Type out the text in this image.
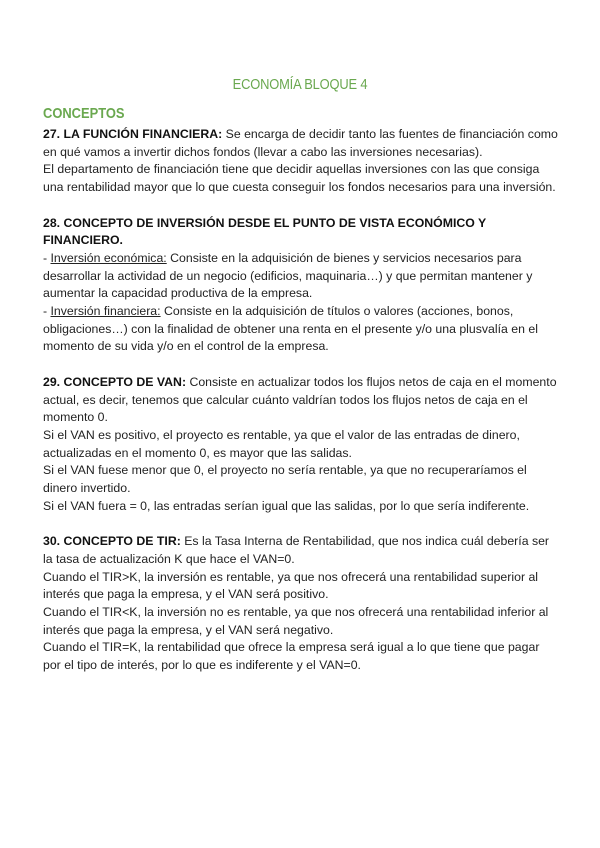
ECONOMÍA BLOQUE 4
CONCEPTOS

27. LA FUNCIÓN FINANCIERA: Se encarga de decidir tanto las fuentes de financiación como en qué vamos a invertir dichos fondos (llevar a cabo las inversiones necesarias).

El departamento de financiación tiene que decidir aquellas inversiones con las que consiga una rentabilidad mayor que lo que cuesta conseguir los fondos necesarios para una inversión.

28. CONCEPTO DE INVERSIÓN DESDE EL PUNTO DE VISTA ECONÓMICO Y FINANCIERO.

- Inversión económica: Consiste en la adquisición de bienes y servicios necesarios para desarrollar la actividad de un negocio (edificios, maquinaria…) y que permitan mantener y aumentar la capacidad productiva de la empresa.

- Inversión financiera: Consiste en la adquisición de títulos o valores (acciones, bonos, obligaciones…) con la finalidad de obtener una renta en el presente y/o una plusvalía en el momento de su vida y/o en el control de la empresa.

29. CONCEPTO DE VAN: Consiste en actualizar todos los flujos netos de caja en el momento actual, es decir, tenemos que calcular cuánto valdrían todos los flujos netos de caja en el momento 0.

Si el VAN es positivo, el proyecto es rentable, ya que el valor de las entradas de dinero, actualizadas en el momento 0, es mayor que las salidas.

Si el VAN fuese menor que 0, el proyecto no sería rentable, ya que no recuperaríamos el dinero invertido.

Si el VAN fuera = 0, las entradas serían igual que las salidas, por lo que sería indiferente.

30. CONCEPTO DE TIR: Es la Tasa Interna de Rentabilidad, que nos indica cuál debería ser la tasa de actualización K que hace el VAN=0.

Cuando el TIR>K, la inversión es rentable, ya que nos ofrecerá una rentabilidad superior al interés que paga la empresa, y el VAN será positivo.

Cuando el TIR<K, la inversión no es rentable, ya que nos ofrecerá una rentabilidad inferior al interés que paga la empresa, y el VAN será negativo.

Cuando el TIR=K, la rentabilidad que ofrece la empresa será igual a lo que tiene que pagar por el tipo de interés, por lo que es indiferente y el VAN=0.
